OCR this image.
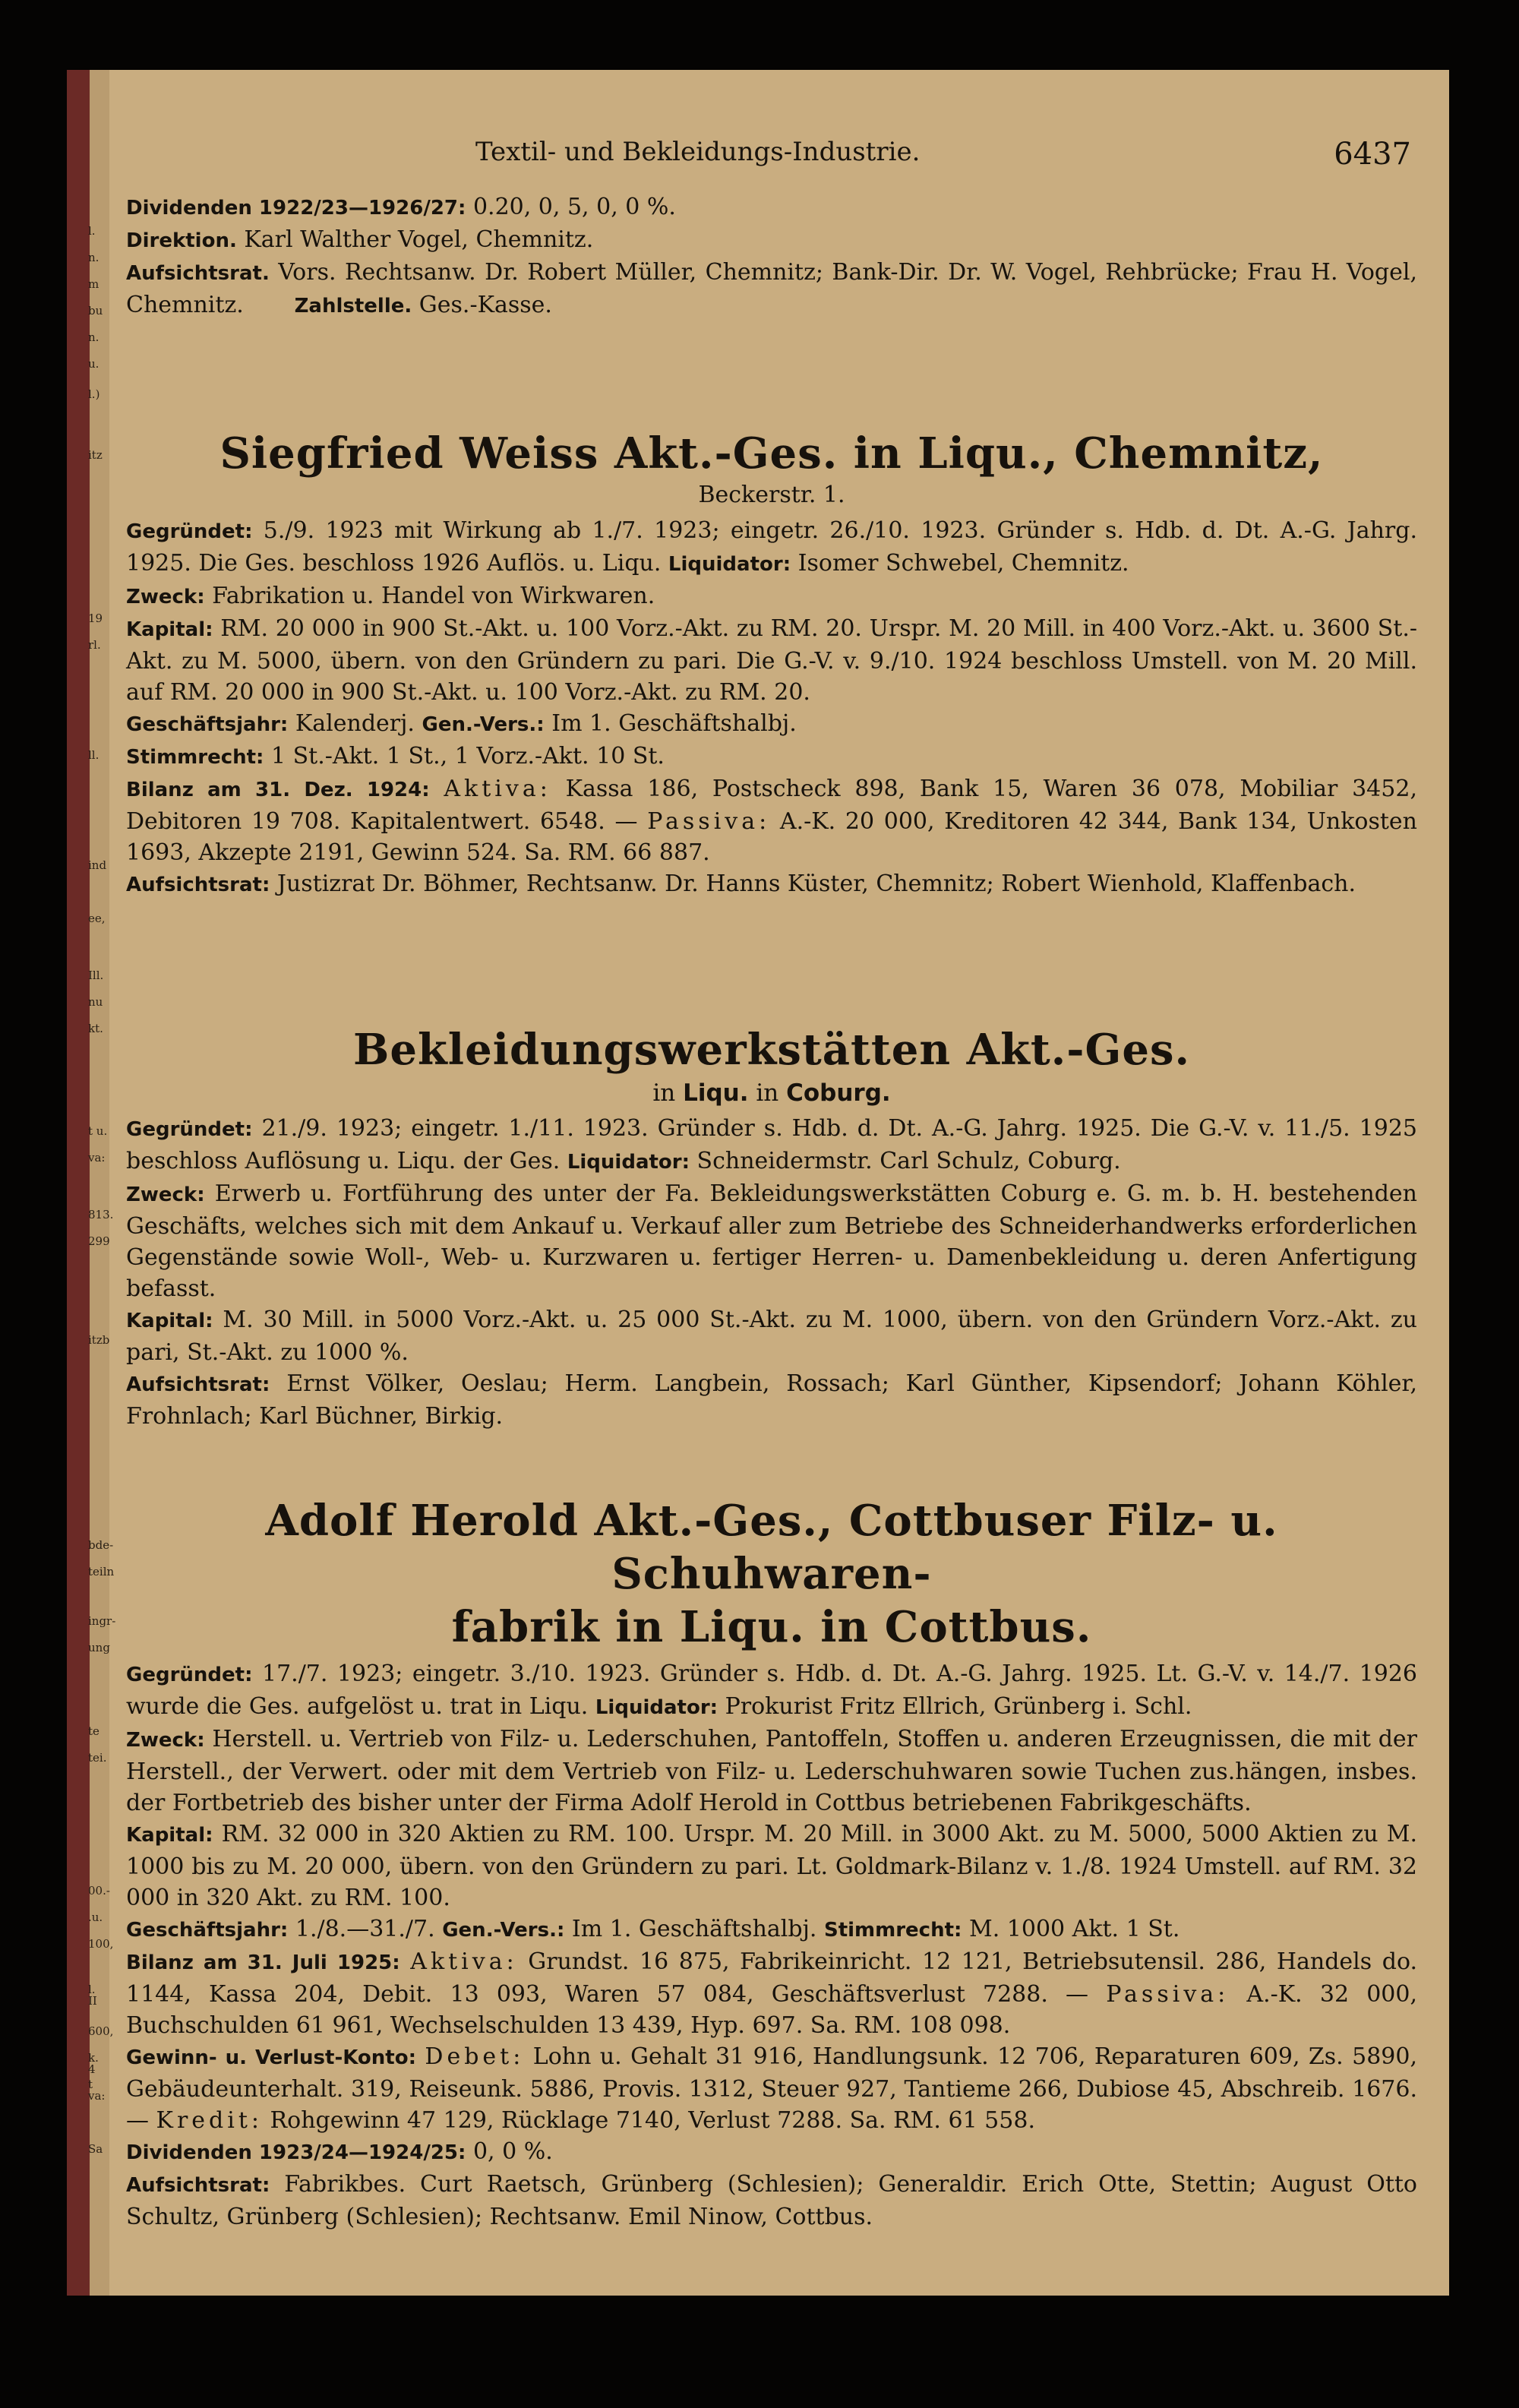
l.
n.
m
bu
n.
u.
l.)
itz
19
rl.
ll.
ind
ee,
Ill.
nu
kt.
t u.
va:
813.
299
itzb
bde-
teiln
ingr-
ung
te
tei.
00.-
.u.
100,
l. II
600,
k. 4
t va:
Sa
Textil- und Bekleidungs-Industrie.	6437

Dividenden 1922/23—1926/27: 0.20, 0, 5, 0, 0 %.

Direktion. Karl Walther Vogel, Chemnitz.

Aufsichtsrat. Vors. Rechtsanw. Dr. Robert Müller, Chemnitz; Bank-Dir. Dr. W. Vogel, Rehbrücke; Frau H. Vogel, Chemnitz.	Zahlstelle. Ges.-Kasse.

Siegfried Weiss Akt.-Ges. in Liqu., Chemnitz,
Beckerstr. 1.

Gegründet: 5./9. 1923 mit Wirkung ab 1./7. 1923; eingetr. 26./10. 1923. Gründer s. Hdb. d. Dt. A.-G. Jahrg. 1925. Die Ges. beschloss 1926 Auflös. u. Liqu. Liquidator: Isomer Schwebel, Chemnitz.

Zweck: Fabrikation u. Handel von Wirkwaren.

Kapital: RM. 20 000 in 900 St.-Akt. u. 100 Vorz.-Akt. zu RM. 20. Urspr. M. 20 Mill. in 400 Vorz.-Akt. u. 3600 St.-Akt. zu M. 5000, übern. von den Gründern zu pari. Die G.-V. v. 9./10. 1924 beschloss Umstell. von M. 20 Mill. auf RM. 20 000 in 900 St.-Akt. u. 100 Vorz.-Akt. zu RM. 20.

Geschäftsjahr: Kalenderj. Gen.-Vers.: Im 1. Geschäftshalbj.

Stimmrecht: 1 St.-Akt. 1 St., 1 Vorz.-Akt. 10 St.

Bilanz am 31. Dez. 1924: Aktiva: Kassa 186, Postscheck 898, Bank 15, Waren 36 078, Mobiliar 3452, Debitoren 19 708. Kapitalentwert. 6548. — Passiva: A.-K. 20 000, Kreditoren 42 344, Bank 134, Unkosten 1693, Akzepte 2191, Gewinn 524. Sa. RM. 66 887.

Aufsichtsrat: Justizrat Dr. Böhmer, Rechtsanw. Dr. Hanns Küster, Chemnitz; Robert Wienhold, Klaffenbach.

Bekleidungswerkstätten Akt.-Ges.
in Liqu. in Coburg.

Gegründet: 21./9. 1923; eingetr. 1./11. 1923. Gründer s. Hdb. d. Dt. A.-G. Jahrg. 1925. Die G.-V. v. 11./5. 1925 beschloss Auflösung u. Liqu. der Ges. Liquidator: Schneidermstr. Carl Schulz, Coburg.

Zweck: Erwerb u. Fortführung des unter der Fa. Bekleidungswerkstätten Coburg e. G. m. b. H. bestehenden Geschäfts, welches sich mit dem Ankauf u. Verkauf aller zum Betriebe des Schneiderhandwerks erforderlichen Gegenstände sowie Woll-, Web- u. Kurzwaren u. fertiger Herren- u. Damenbekleidung u. deren Anfertigung befasst.

Kapital: M. 30 Mill. in 5000 Vorz.-Akt. u. 25 000 St.-Akt. zu M. 1000, übern. von den Gründern Vorz.-Akt. zu pari, St.-Akt. zu 1000 %.

Aufsichtsrat: Ernst Völker, Oeslau; Herm. Langbein, Rossach; Karl Günther, Kipsendorf; Johann Köhler, Frohnlach; Karl Büchner, Birkig.

Adolf Herold Akt.-Ges., Cottbuser Filz- u. Schuhwaren-
fabrik in Liqu. in Cottbus.

Gegründet: 17./7. 1923; eingetr. 3./10. 1923. Gründer s. Hdb. d. Dt. A.-G. Jahrg. 1925. Lt. G.-V. v. 14./7. 1926 wurde die Ges. aufgelöst u. trat in Liqu. Liquidator: Prokurist Fritz Ellrich, Grünberg i. Schl.

Zweck: Herstell. u. Vertrieb von Filz- u. Lederschuhen, Pantoffeln, Stoffen u. anderen Erzeugnissen, die mit der Herstell., der Verwert. oder mit dem Vertrieb von Filz- u. Lederschuhwaren sowie Tuchen zus.hängen, insbes. der Fortbetrieb des bisher unter der Firma Adolf Herold in Cottbus betriebenen Fabrikgeschäfts.

Kapital: RM. 32 000 in 320 Aktien zu RM. 100. Urspr. M. 20 Mill. in 3000 Akt. zu M. 5000, 5000 Aktien zu M. 1000 bis zu M. 20 000, übern. von den Gründern zu pari. Lt. Goldmark-Bilanz v. 1./8. 1924 Umstell. auf RM. 32 000 in 320 Akt. zu RM. 100.

Geschäftsjahr: 1./8.—31./7. Gen.-Vers.: Im 1. Geschäftshalbj. Stimmrecht: M. 1000 Akt. 1 St.

Bilanz am 31. Juli 1925: Aktiva: Grundst. 16 875, Fabrikeinricht. 12 121, Betriebsutensil. 286, Handels do. 1144, Kassa 204, Debit. 13 093, Waren 57 084, Geschäftsverlust 7288. — Passiva: A.-K. 32 000, Buchschulden 61 961, Wechselschulden 13 439, Hyp. 697. Sa. RM. 108 098.

Gewinn- u. Verlust-Konto: Debet: Lohn u. Gehalt 31 916, Handlungsunk. 12 706, Reparaturen 609, Zs. 5890, Gebäudeunterhalt. 319, Reiseunk. 5886, Provis. 1312, Steuer 927, Tantieme 266, Dubiose 45, Abschreib. 1676. — Kredit: Rohgewinn 47 129, Rücklage 7140, Verlust 7288. Sa. RM. 61 558.

Dividenden 1923/24—1924/25: 0, 0 %.

Aufsichtsrat: Fabrikbes. Curt Raetsch, Grünberg (Schlesien); Generaldir. Erich Otte, Stettin; August Otto Schultz, Grünberg (Schlesien); Rechtsanw. Emil Ninow, Cottbus.
